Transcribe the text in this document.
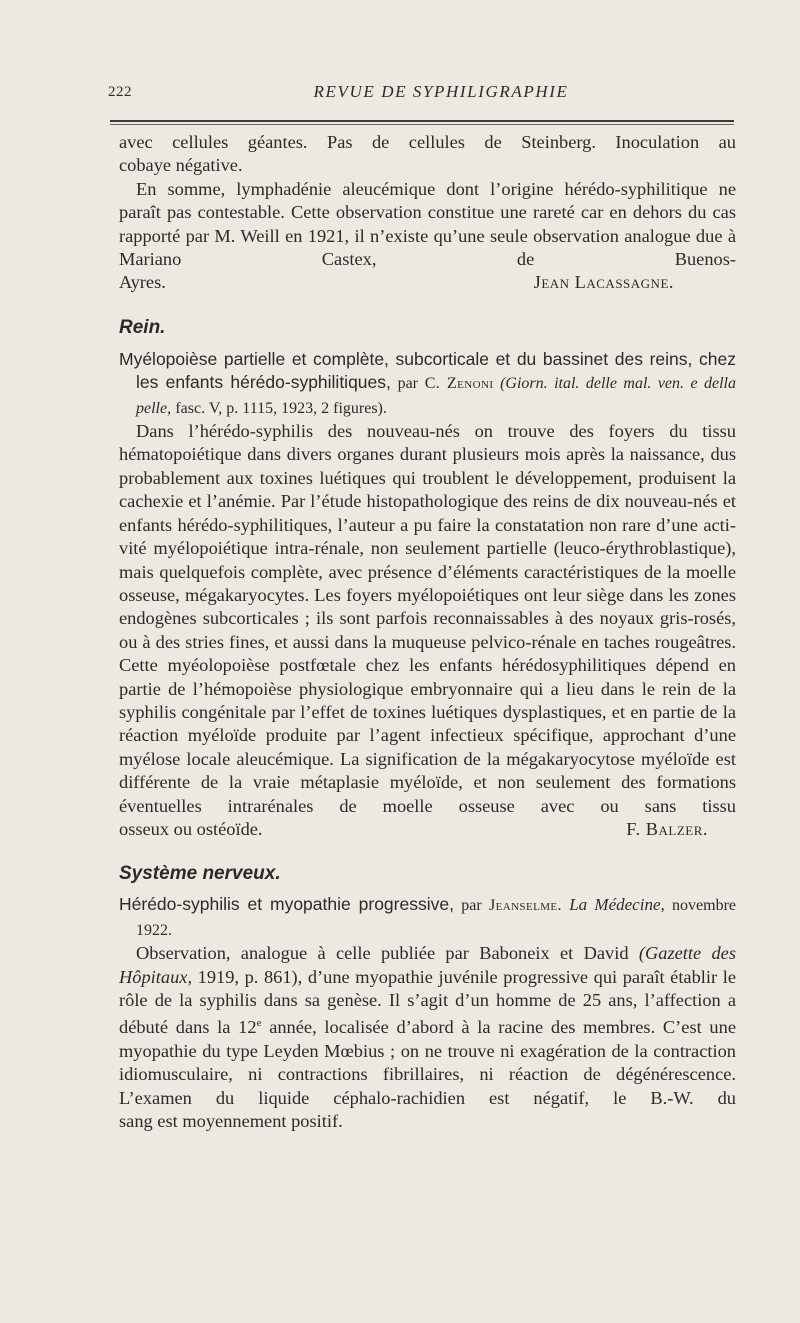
222	REVUE DE SYPHILIGRAPHIE

avec cellules géantes. Pas de cellules de Steinberg. Inoculation au

cobaye négative.

En somme, lymphadénie aleucémique dont l’origine hérédo-syphilitique ne paraît pas contestable. Cette observation constitue une rareté car en dehors du cas rapporté par M. Weill en 1921, il n’existe qu’une seule observation analogue due à Mariano Castex, de Buenos-

Ayres.	Jean Lacassagne.

Rein.

Myélopoièse partielle et complète, subcorticale et du bassinet des reins, chez les enfants hérédo-syphilitiques, par C. Zenoni (Giorn. ital. delle mal. ven. e della pelle, fasc. V, p. 1115, 1923, 2 figures).

Dans l’hérédo-syphilis des nouveau-nés on trouve des foyers du tissu hématopoiétique dans divers organes durant plusieurs mois après la naissance, dus probablement aux toxines luétiques qui troublent le développement, produisent la cachexie et l’anémie. Par l’étude histopathologique des reins de dix nouveau-nés et enfants hérédo-syphilitiques, l’auteur a pu faire la constatation non rare d’une activité myélopoiétique intra-rénale, non seulement partielle (leuco-érythroblastique), mais quelquefois complète, avec présence d’éléments caractéristiques de la moelle osseuse, mégakaryocytes. Les foyers myélopoiétiques ont leur siège dans les zones endogènes subcorticales ; ils sont parfois reconnaissables à des noyaux gris-rosés, ou à des stries fines, et aussi dans la muqueuse pelvico-rénale en taches rougeâtres. Cette myéolopoièse postfœtale chez les enfants hérédosyphilitiques dépend en partie de l’hémopoièse physiologique embryonnaire qui a lieu dans le rein de la syphilis congénitale par l’effet de toxines luétiques dysplastiques, et en partie de la réaction myéloïde produite par l’agent infectieux spécifique, approchant d’une myélose locale aleucémique. La signification de la mégakaryocytose myéloïde est différente de la vraie métaplasie myéloïde, et non seulement des formations éventuelles intrarénales de moelle osseuse avec ou sans tissu

osseux ou ostéoïde.	F. Balzer.

Système nerveux.

Hérédo-syphilis et myopathie progressive, par Jeanselme. La Médecine, novembre 1922.

Observation, analogue à celle publiée par Baboneix et David (Gazette des Hôpitaux, 1919, p. 861), d’une myopathie juvénile progressive qui paraît établir le rôle de la syphilis dans sa genèse. Il s’agit d’un homme de 25 ans, l’affection a débuté dans la 12e année, localisée d’abord à la racine des membres. C’est une myopathie du type Leyden Mœbius ; on ne trouve ni exagération de la contraction idiomusculaire, ni contractions fibrillaires, ni réaction de dégénérescence. L’examen du liquide céphalo-rachidien est négatif, le B.-W. du

sang est moyennement positif.
